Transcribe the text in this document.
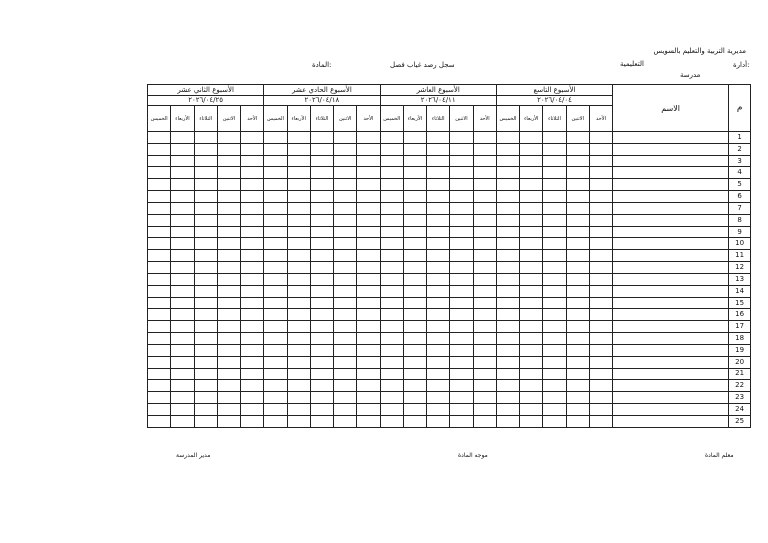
مديرية التربية والتعليم بالسويس
أدارة:
التعليمية
مدرسة
سجل رصد غياب فصل
المادة:
م	الاسم	الأسبوع التاسع					الأسبوع العاشر					الأسبوع الحادي عشر					الأسبوع الثاني عشر				
		٢٠٢٦/٠٤/٠٤					٢٠٢٦/٠٤/١١					٢٠٢٦/٠٤/١٨					٢٠٢٦/٠٤/٢٥				
		الأحد	الاثنين	الثلاثاء	الأربعاء	الخميس	الأحد	الاثنين	الثلاثاء	الأربعاء	الخميس	الأحد	الاثنين	الثلاثاء	الأربعاء	الخميس	الأحد	الاثنين	الثلاثاء	الأربعاء	الخميس
1																					
2																					
3																					
4																					
5																					
6																					
7																					
8																					
9																					
10																					
11																					
12																					
13																					
14																					
15																					
16																					
17																					
18																					
19																					
20																					
21																					
22																					
23																					
24																					
25																					
معلم المادة
موجه المادة
مدير المدرسة
